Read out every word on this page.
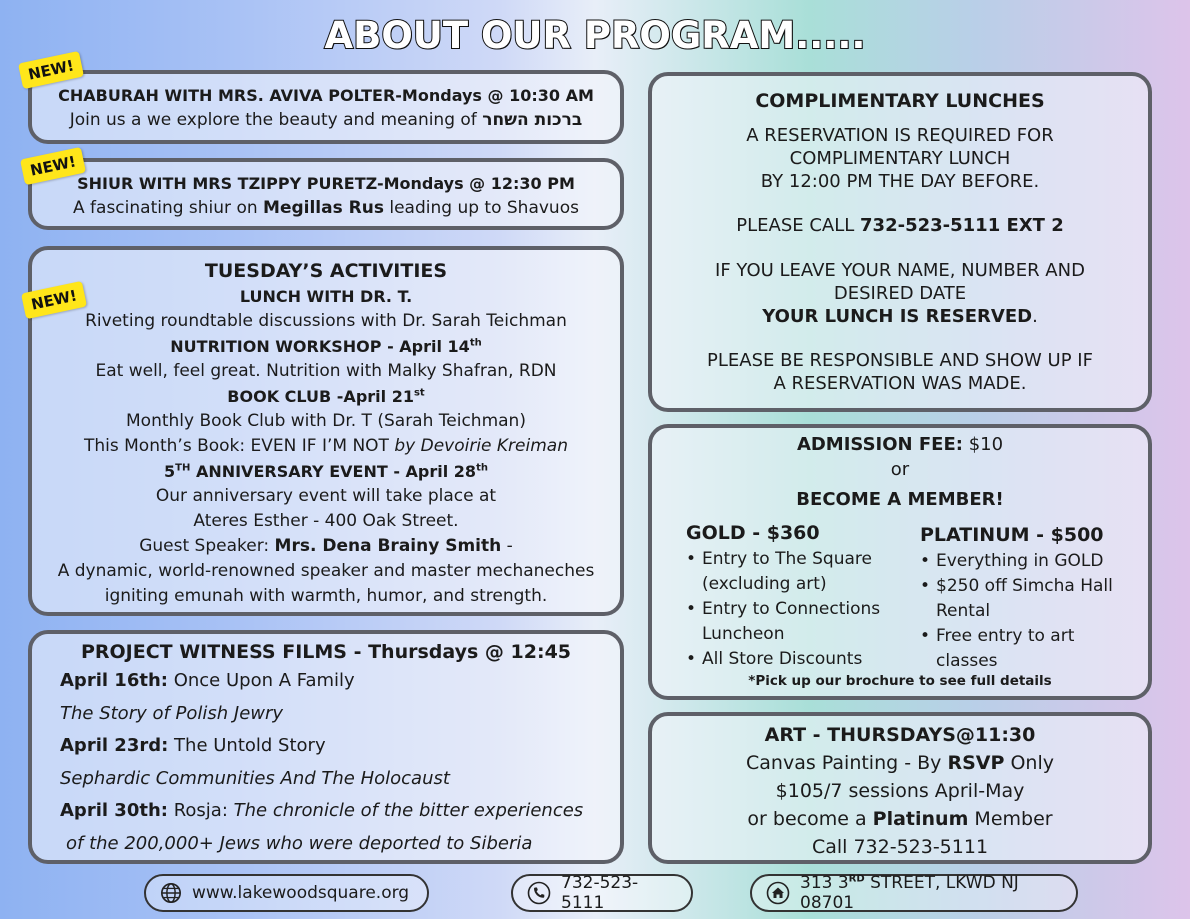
ABOUT OUR PROGRAM.....
CHABURAH WITH MRS. AVIVA POLTER-Mondays @ 10:30 AM
Join us a we explore the beauty and meaning of ברכות השחר
NEW!
SHIUR WITH MRS TZIPPY PURETZ-Mondays @ 12:30 PM
A fascinating shiur on Megillas Rus leading up to Shavuos
NEW!
TUESDAY’S ACTIVITIES
LUNCH WITH DR. T.
Riveting roundtable discussions with Dr. Sarah Teichman
NUTRITION WORKSHOP - April 14th
Eat well, feel great. Nutrition with Malky Shafran, RDN
BOOK CLUB -April 21st
Monthly Book Club with Dr. T (Sarah Teichman)
This Month’s Book: EVEN IF I’M NOT by Devoirie Kreiman
5TH ANNIVERSARY EVENT - April 28th
Our anniversary event will take place at
Ateres Esther - 400 Oak Street.
Guest Speaker: Mrs. Dena Brainy Smith -
A dynamic, world-renowned speaker and master mechaneches
igniting emunah with warmth, humor, and strength.
NEW!
PROJECT WITNESS FILMS - Thursdays @ 12:45
April 16th: Once Upon A Family
The Story of Polish Jewry
April 23rd: The Untold Story
Sephardic Communities And The Holocaust
April 30th: Rosja: The chronicle of the bitter experiences
of the 200,000+ Jews who were deported to Siberia
COMPLIMENTARY LUNCHES
A RESERVATION IS REQUIRED FOR
COMPLIMENTARY LUNCH
BY 12:00 PM THE DAY BEFORE.
PLEASE CALL 732-523-5111 EXT 2
IF YOU LEAVE YOUR NAME, NUMBER AND
DESIRED DATE
YOUR LUNCH IS RESERVED.
PLEASE BE RESPONSIBLE AND SHOW UP IF
A RESERVATION WAS MADE.
ADMISSION FEE: $10
or
BECOME A MEMBER!
GOLD - $360
• Entry to The Square (excluding art)
• Entry to Connections Luncheon
• All Store Discounts
PLATINUM - $500
• Everything in GOLD
• $250 off Simcha Hall Rental
• Free entry to art classes
*Pick up our brochure to see full details
ART - THURSDAYS@11:30
Canvas Painting - By RSVP Only
$105/7 sessions April-May
or become a Platinum Member
Call 732-523-5111
www.lakewoodsquare.org	732-523-5111
313 3RD STREET, LKWD NJ 08701
